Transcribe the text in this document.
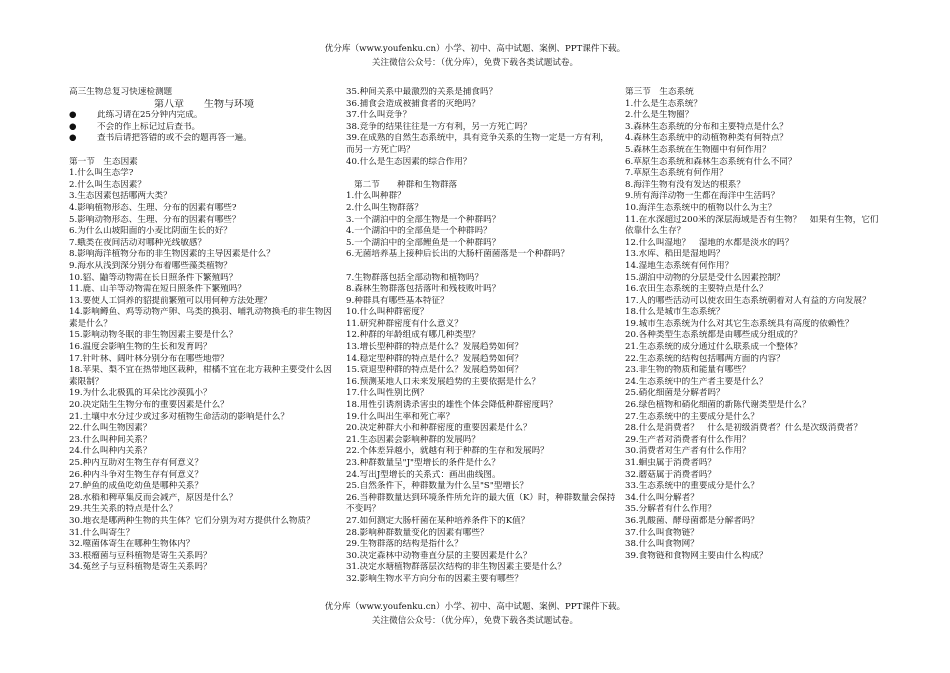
优分库（www.youfenku.cn）小学、初中、高中试题、案例、PPT课件下载。
关注微信公众号：（优分库），免费下载各类试题试卷。
高三生物总复习快速检测题
第八章　　生物与环境
●	此练习请在25分钟内完成。
●	不会的作上标记过后查书。
●	查书后请把答错的或不会的题再答一遍。
第一节　生态因素
1.什么叫生态学?
2.什么叫生态因素？
3.生态因素包括哪两大类？
4.影响植物形态、生理、分布的因素有哪些?
5.影响动物形态、生理、分布的因素有哪些？
6.为什么山坡阳面的小麦比阴面生长的好？
7.蛾类在夜间活动对哪种光线敏感？
8.影响海洋植物分布的非生物因素的主导因素是什么？
9.海水从浅到深分别分布着哪些藻类植物？
10.貂、鼬等动物需在长日照条件下繁殖吗？
11.鹿、山羊等动物需在短日照条件下繁殖吗？
13.要使人工饲养的貂提前繁殖可以用何种方法处理？
14.影响鳟鱼、鸡等动物产卵、鸟类的换羽、哺乳动物换毛的非生物因素是什么？
15.影响动物冬眠的非生物因素主要是什么？
16.温度会影响生物的生长和发育吗？
17.针叶林、阔叶林分别分布在哪些地带？
18.苹果、梨不宜在热带地区栽种，柑橘不宜在北方栽种主要受什么因素限制？
19.为什么北极狐的耳朵比沙漠狐小？
20.决定陆生生物分布的重要因素是什么？
21.土壤中水分过少或过多对植物生命活动的影响是什么？
22.什么叫生物因素？
23.什么叫种间关系？
24.什么叫种内关系？
25.种内互助对生物生存有何意义？
26.种内斗争对生物生存有何意义？
27.鲈鱼的成鱼吃幼鱼是哪种关系？
28.水稻和稗草集反而会减产，原因是什么？
29.共生关系的特点是什么？
30.地衣是哪两种生物的共生体？它们分别为对方提供什么物质？
31.什么叫寄生？
32.噬菌体寄生在哪种生物体内？
33.根瘤菌与豆科植物是寄生关系吗？
34.菟丝子与豆科植物是寄生关系吗？
35.种间关系中最激烈的关系是捕食吗？
36.捕食会造成被捕食者的灭绝吗？
37.什么叫竞争？
38.竞争的结果往往是一方有利，另一方死亡吗？
39.在成熟的自然生态系统中，具有竞争关系的生物一定是一方有利，而另一方死亡吗？
40.什么是生态因素的综合作用？
第二节　　种群和生物群落
1.什么叫种群？
2.什么叫生物群落？
3.一个湖泊中的全部生物是一个种群吗？
4.一个湖泊中的全部鱼是一个种群吗？
5.一个湖泊中的全部鲤鱼是一个种群吗？
6.无菌培养基上接种后长出的大肠杆菌菌落是一个种群吗？
7.生物群落包括全部动物和植物吗？
8.森林生物群落包括落叶和残枝败叶吗？
9.种群具有哪些基本特征？
10.什么叫种群密度？
11.研究种群密度有什么意义？
12.种群的年龄组成有哪几种类型？
13.增长型种群的特点是什么？发展趋势如何？
14.稳定型种群的特点是什么？发展趋势如何？
15.衰退型种群的特点是什么？发展趋势如何？
16.预测某地人口未来发展趋势的主要依据是什么？
17.什么叫性别比例？
18.用性引诱剂诱杀害虫的雄性个体会降低种群密度吗？
19.什么叫出生率和死亡率？
20.决定种群大小和种群密度的重要因素是什么？
21.生态因素会影响种群的发展吗？
22.个体差异越小，就越有利于种群的生存和发展吗？
23.种群数量呈"J"型增长的条件是什么？
24.写出J型增长的关系式：画出曲线图。
25.自然条件下，种群数量为什么呈"S"型增长？
26.当种群数量达到环境条件所允许的最大值（K）时，种群数量会保持不变吗？
27.如何测定大肠杆菌在某种培养条件下的K值？
28.影响种群数量变化的因素有哪些？
29.生物群落的结构是指什么？
30.决定森林中动物垂直分层的主要因素是什么？
31.决定水塘植物群落层次结构的非生物因素主要是什么？
32.影响生物水平方向分布的因素主要有哪些？
第三节　生态系统
1.什么是生态系统？
2.什么是生物圈？
3.森林生态系统的分布和主要特点是什么？
4.森林生态系统中的动植物种类有何特点？
5.森林生态系统在生物圈中有何作用？
6.草原生态系统和森林生态系统有什么不同？
7.草原生态系统有何作用？
8.海洋生物有没有发达的根系？
9.所有海洋动物一生都在海洋中生活吗？
10.海洋生态系统中的植物以什么为主？
11.在水深超过200米的深层海域是否有生物？　如果有生物，它们依靠什么生存？
12.什么叫湿地？　湿地的水都是淡水的吗？
13.水库、稻田是湿地吗？
14.湿地生态系统有何作用？
15.湖泊中动物的分层是受什么因素控制？
16.农田生态系统的主要特点是什么？
17.人的哪些活动可以使农田生态系统朝着对人有益的方向发展？
18.什么是城市生态系统？
19.城市生态系统为什么对其它生态系统具有高度的依赖性？
20.各种类型生态系统都是由哪些成分组成的？
21.生态系统的成分通过什么联系成一个整体？
22.生态系统的结构包括哪两方面的内容？
23.非生物的物质和能量有哪些？
24.生态系统中的生产者主要是什么？
25.硝化细菌是分解者吗？
26.绿色植物和硝化细菌的新陈代谢类型是什么？
27.生态系统中的主要成分是什么？
28.什么是消费者？　什么是初级消费者？什么是次级消费者？
29.生产者对消费者有什么作用？
30.消费者对生产者有什么作用？
31.蛔虫属于消费者吗？
32.蘑菇属于消费者吗？
33.生态系统中的重要成分是什么？
34.什么叫分解者？
35.分解者有什么作用？
36.乳酸菌、酵母菌都是分解者吗？
37.什么叫食物链？
38.什么叫食物网？
39.食物链和食物网主要由什么构成？
优分库（www.youfenku.cn）小学、初中、高中试题、案例、PPT课件下载。
关注微信公众号：（优分库），免费下载各类试题试卷。
